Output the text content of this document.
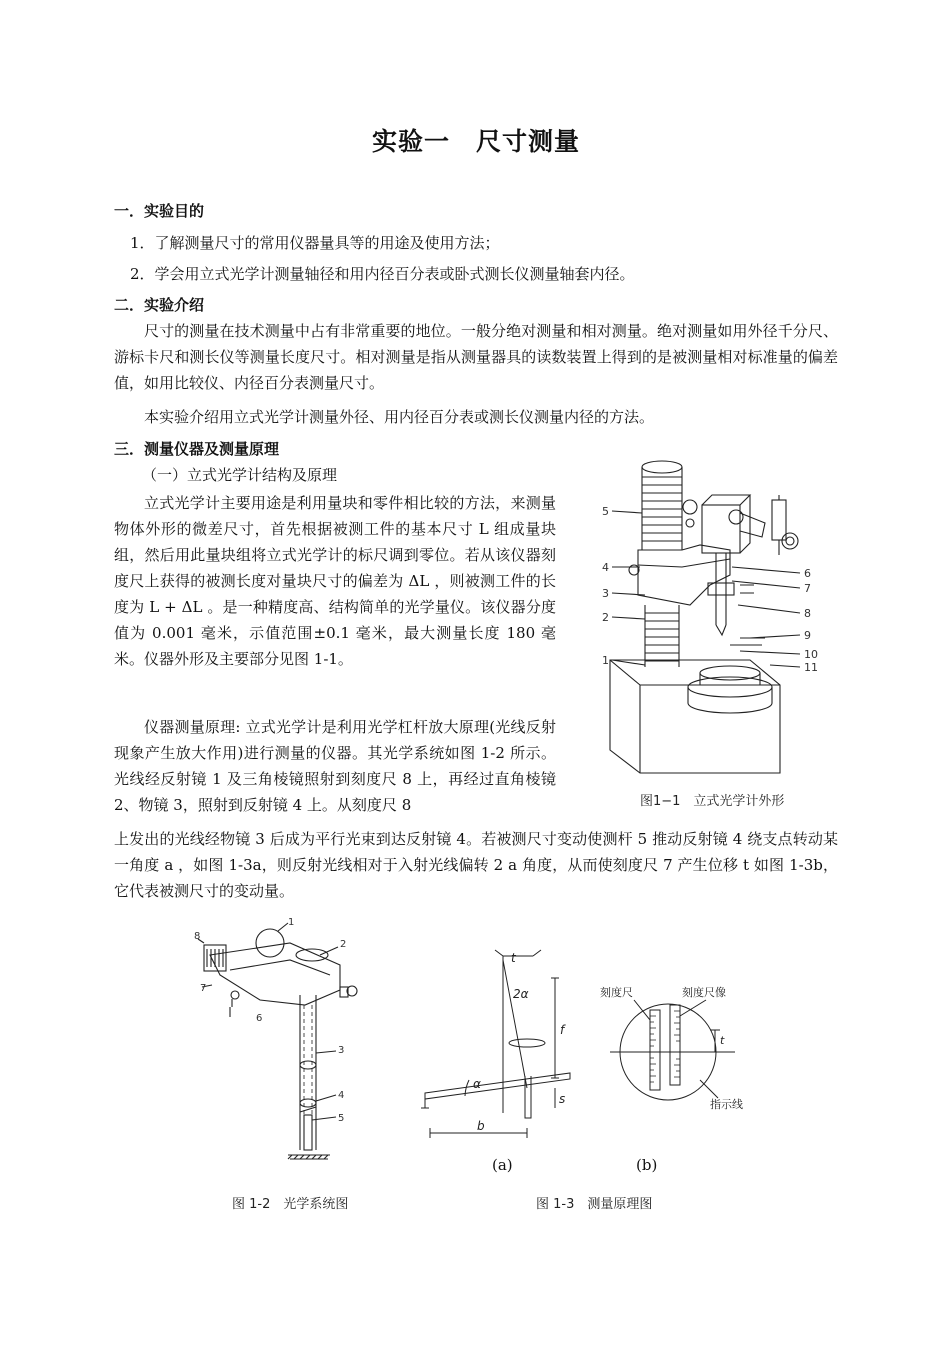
实验一　尺寸测量
一．实验目的
1．了解测量尺寸的常用仪器量具等的用途及使用方法；
2．学会用立式光学计测量轴径和用内径百分表或卧式测长仪测量轴套内径。
二．实验介绍
尺寸的测量在技术测量中占有非常重要的地位。一般分绝对测量和相对测量。绝对测量如用外径千分尺、游标卡尺和测长仪等测量长度尺寸。相对测量是指从测量器具的读数装置上得到的是被测量相对标准量的偏差值，如用比较仪、内径百分表测量尺寸。
本实验介绍用立式光学计测量外径、用内径百分表或测长仪测量内径的方法。
三．测量仪器及测量原理
（一）立式光学计结构及原理
立式光学计主要用途是利用量块和零件相比较的方法，来测量物体外形的微差尺寸，首先根据被测工件的基本尺寸 L 组成量块组，然后用此量块组将立式光学计的标尺调到零位。若从该仪器刻度尺上获得的被测长度对量块尺寸的偏差为 ΔL ，则被测工件的长度为 L + ΔL 。是一种精度高、结构简单的光学量仪。该仪器分度值为 0.001 毫米，示值范围±0.1 毫米，最大测量长度 180 毫米。仪器外形及主要部分见图 1-1。
仪器测量原理: 立式光学计是利用光学杠杆放大原理(光线反射现象产生放大作用)进行测量的仪器。其光学系统如图 1-2 所示。 光线经反射镜 1 及三角棱镜照射到刻度尺 8 上，再经过直角棱镜 2、物镜 3，照射到反射镜 4 上。从刻度尺 8
上发出的光线经物镜 3 后成为平行光束到达反射镜 4。若被测尺寸变动使测杆 5 推动反射镜 4 绕支点转动某一角度 a ，如图 1-3a，则反射光线相对于入射光线偏转 2 a 角度，从而使刻度尺 7 产生位移 t 如图 1-3b，它代表被测尺寸的变动量。
5
4
3
2
1
6
7
8
9
10
11
图1−1　立式光学计外形
1
2
3
4
5
6
7
8
图 1-2　光学系统图
t
2α
f
α
s
b
(a)
刻度尺	刻度尺像
指示线
t
(b)
图 1-3　测量原理图
